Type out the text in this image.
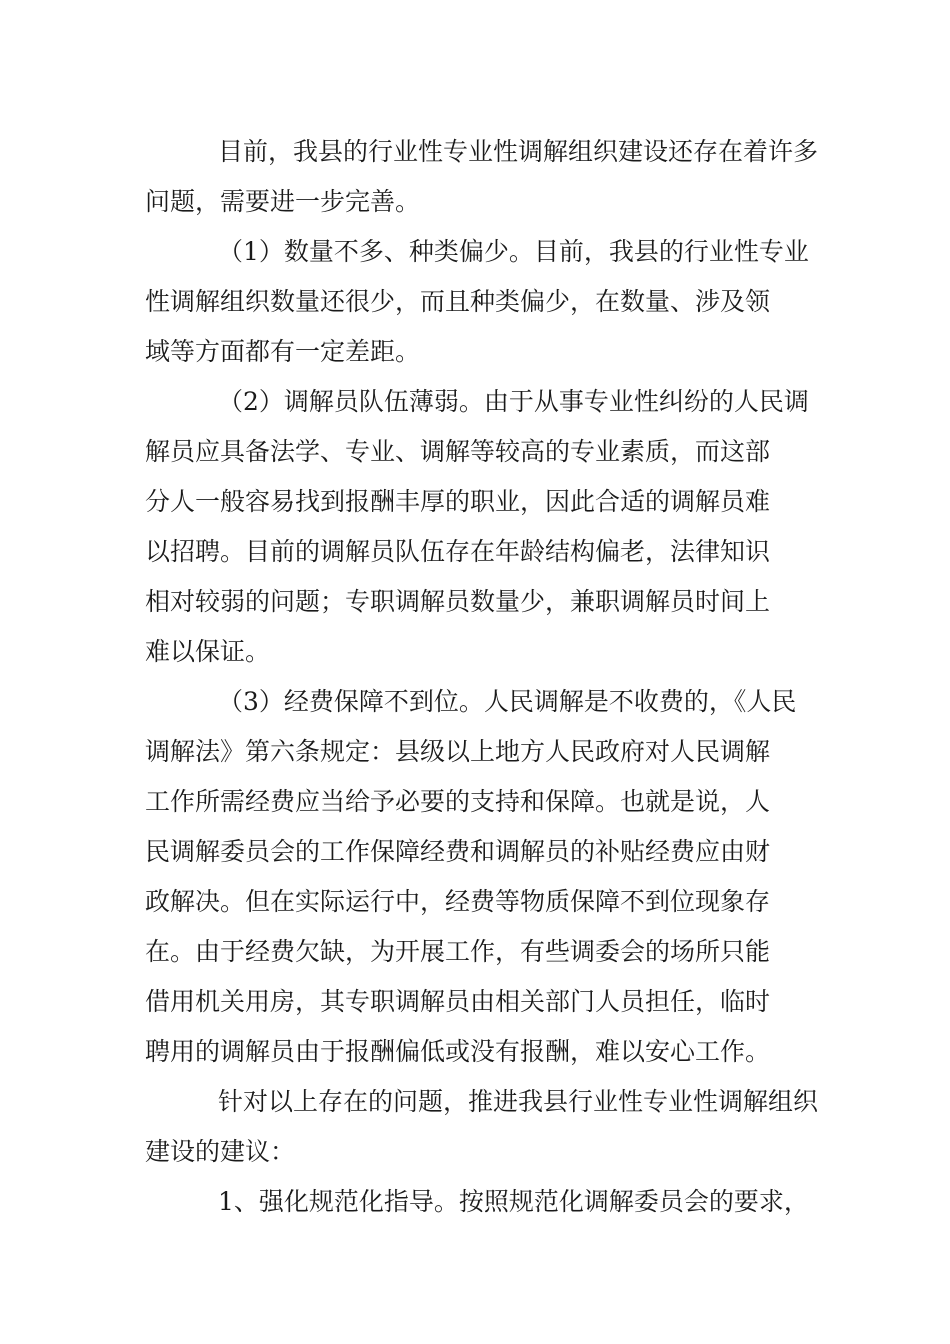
目前，我县的行业性专业性调解组织建设还存在着许多
问题，需要进一步完善。
（1）数量不多、种类偏少。目前，我县的行业性专业
性调解组织数量还很少，而且种类偏少，在数量、涉及领
域等方面都有一定差距。
（2）调解员队伍薄弱。由于从事专业性纠纷的人民调
解员应具备法学、专业、调解等较高的专业素质，而这部
分人一般容易找到报酬丰厚的职业，因此合适的调解员难
以招聘。目前的调解员队伍存在年龄结构偏老，法律知识
相对较弱的问题；专职调解员数量少，兼职调解员时间上
难以保证。
（3）经费保障不到位。人民调解是不收费的，《人民
调解法》第六条规定：县级以上地方人民政府对人民调解
工作所需经费应当给予必要的支持和保障。也就是说，人
民调解委员会的工作保障经费和调解员的补贴经费应由财
政解决。但在实际运行中，经费等物质保障不到位现象存
在。由于经费欠缺，为开展工作，有些调委会的场所只能
借用机关用房，其专职调解员由相关部门人员担任，临时
聘用的调解员由于报酬偏低或没有报酬，难以安心工作。
针对以上存在的问题，推进我县行业性专业性调解组织
建设的建议：
1、强化规范化指导。按照规范化调解委员会的要求，
